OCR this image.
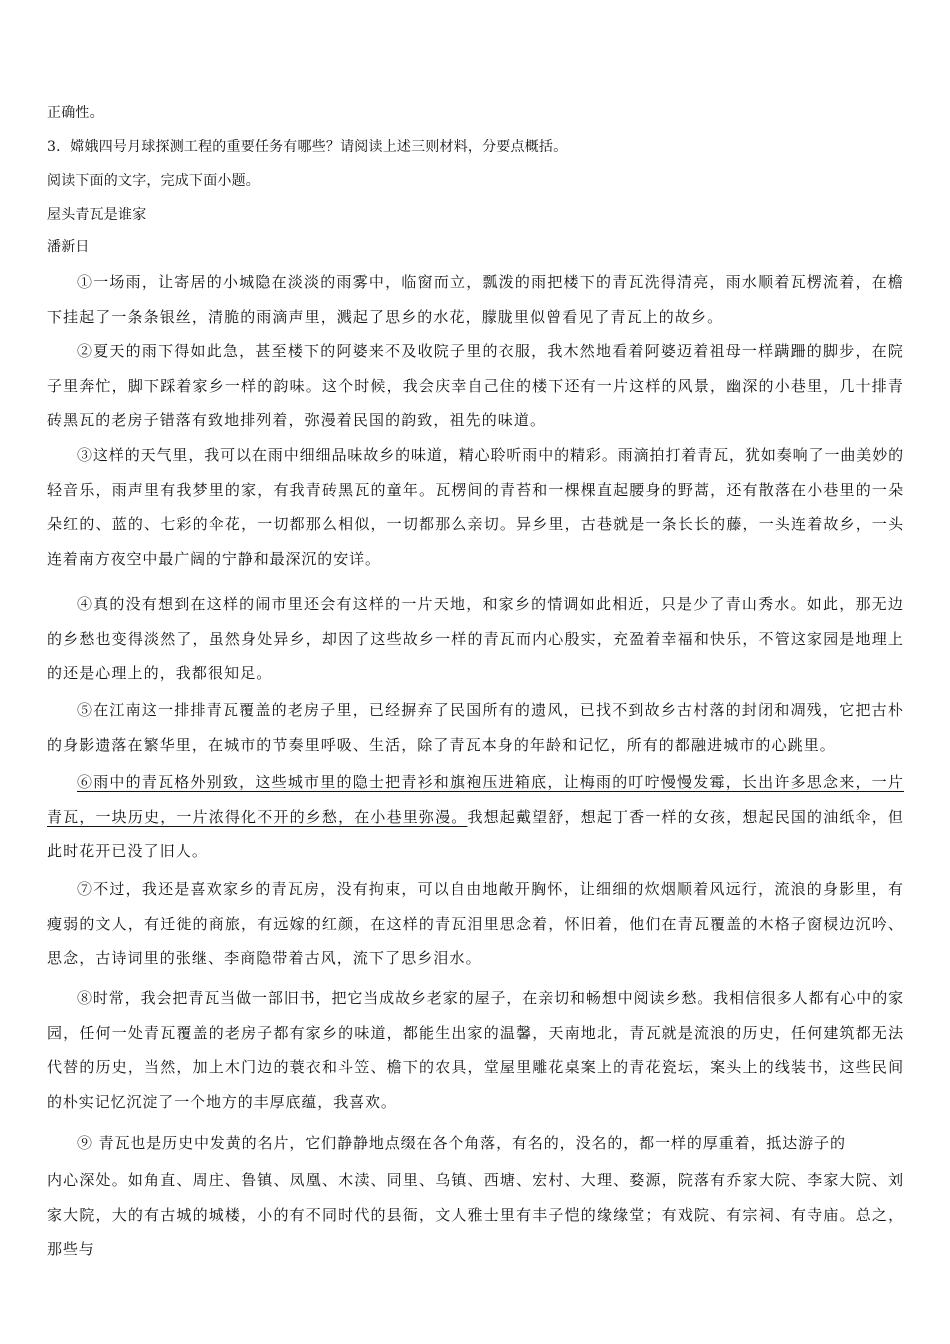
正确性。
3．嫦娥四号月球探测工程的重要任务有哪些？请阅读上述三则材料，分要点概括。
阅读下面的文字，完成下面小题。
屋头青瓦是谁家
潘新日
①一场雨，让寄居的小城隐在淡淡的雨雾中，临窗而立，瓢泼的雨把楼下的青瓦洗得清亮，雨水顺着瓦楞流着，在檐下挂起了一条条银丝，清脆的雨滴声里，溅起了思乡的水花，朦胧里似曾看见了青瓦上的故乡。
②夏天的雨下得如此急，甚至楼下的阿婆来不及收院子里的衣服，我木然地看着阿婆迈着祖母一样蹒跚的脚步，在院子里奔忙，脚下踩着家乡一样的韵味。这个时候，我会庆幸自己住的楼下还有一片这样的风景，幽深的小巷里，几十排青砖黑瓦的老房子错落有致地排列着，弥漫着民国的韵致，祖先的味道。
③这样的天气里，我可以在雨中细细品味故乡的味道，精心聆听雨中的精彩。雨滴拍打着青瓦，犹如奏响了一曲美妙的轻音乐，雨声里有我梦里的家，有我青砖黑瓦的童年。瓦楞间的青苔和一棵棵直起腰身的野蒿，还有散落在小巷里的一朵朵红的、蓝的、七彩的伞花，一切都那么相似，一切都那么亲切。异乡里，古巷就是一条长长的藤，一头连着故乡，一头连着南方夜空中最广阔的宁静和最深沉的安详。
④真的没有想到在这样的闹市里还会有这样的一片天地，和家乡的情调如此相近，只是少了青山秀水。如此，那无边的乡愁也变得淡然了，虽然身处异乡，却因了这些故乡一样的青瓦而内心殷实，充盈着幸福和快乐，不管这家园是地理上的还是心理上的，我都很知足。
⑤在江南这一排排青瓦覆盖的老房子里，已经摒弃了民国所有的遗风，已找不到故乡古村落的封闭和凋残，它把古朴的身影遗落在繁华里，在城市的节奏里呼吸、生活，除了青瓦本身的年龄和记忆，所有的都融进城市的心跳里。
⑥雨中的青瓦格外别致，这些城市里的隐士把青衫和旗袍压进箱底，让梅雨的叮咛慢慢发霉，长出许多思念来，一片青瓦，一块历史，一片浓得化不开的乡愁，在小巷里弥漫。我想起戴望舒，想起丁香一样的女孩，想起民国的油纸伞，但此时花开已没了旧人。
⑦不过，我还是喜欢家乡的青瓦房，没有拘束，可以自由地敞开胸怀，让细细的炊烟顺着风远行，流浪的身影里，有瘦弱的文人，有迁徙的商旅，有远嫁的红颜，在这样的青瓦泪里思念着，怀旧着，他们在青瓦覆盖的木格子窗棂边沉吟、思念，古诗词里的张继、李商隐带着古风，流下了思乡泪水。
⑧时常，我会把青瓦当做一部旧书，把它当成故乡老家的屋子，在亲切和畅想中阅读乡愁。我相信很多人都有心中的家园，任何一处青瓦覆盖的老房子都有家乡的味道，都能生出家的温馨，天南地北，青瓦就是流浪的历史，任何建筑都无法代替的历史，当然，加上木门边的蓑衣和斗笠、檐下的农具，堂屋里雕花桌案上的青花瓷坛，案头上的线装书，这些民间的朴实记忆沉淀了一个地方的丰厚底蕴，我喜欢。
⑨ 青瓦也是历史中发黄的名片，它们静静地点缀在各个角落，有名的，没名的，都一样的厚重着，抵达游子的
内心深处。如角直、周庄、鲁镇、凤凰、木渎、同里、乌镇、西塘、宏村、大理、婺源，院落有乔家大院、李家大院、刘家大院，大的有古城的城楼，小的有不同时代的县衙，文人雅士里有丰子恺的缘缘堂；有戏院、有宗祠、有寺庙。总之，那些与
